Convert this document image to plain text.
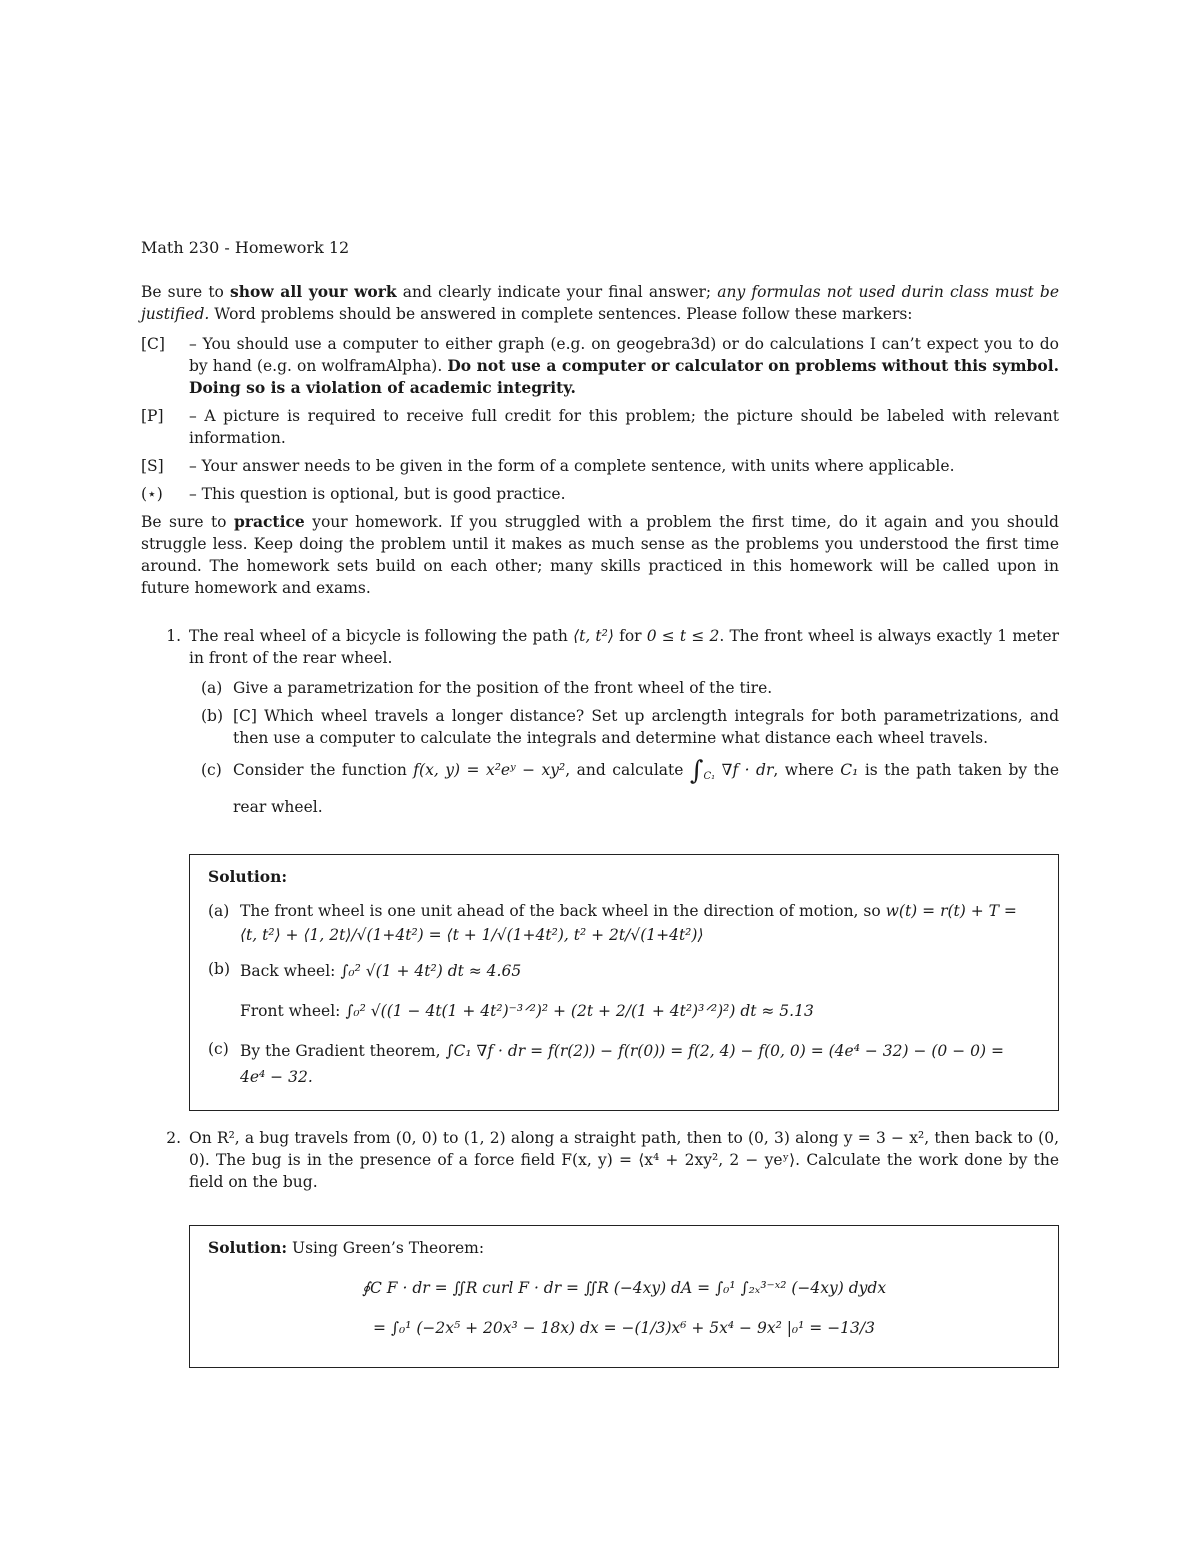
Math 230 - Homework 12

Be sure to show all your work and clearly indicate your final answer; any formulas not used durin class must be justified. Word problems should be answered in complete sentences. Please follow these markers:

[C]	– You should use a computer to either graph (e.g. on geogebra3d) or do calculations I can’t expect you to do by hand (e.g. on wolframAlpha). Do not use a computer or calculator on problems without this symbol. Doing so is a violation of academic integrity.
[P]	– A picture is required to receive full credit for this problem; the picture should be labeled with relevant information.
[S]	– Your answer needs to be given in the form of a complete sentence, with units where applicable.
(⋆)	– This question is optional, but is good practice.

Be sure to practice your homework. If you struggled with a problem the first time, do it again and you should struggle less. Keep doing the problem until it makes as much sense as the problems you understood the first time around. The homework sets build on each other; many skills practiced in this homework will be called upon in future homework and exams.

1. The real wheel of a bicycle is following the path ⟨t, t²⟩ for 0 ≤ t ≤ 2. The front wheel is always exactly 1 meter in front of the rear wheel.
(a) Give a parametrization for the position of the front wheel of the tire.
(b) [C] Which wheel travels a longer distance? Set up arclength integrals for both parametrizations, and then use a computer to calculate the integrals and determine what distance each wheel travels.
(c) Consider the function f(x, y) = x²eʸ − xy², and calculate $\int_{C_1}$ ∇f · dr, where C₁ is the path taken by the rear wheel.
Solution:
(a) The front wheel is one unit ahead of the back wheel in the direction of motion, so w(t) = r(t) + T =
⟨t, t²⟩ + ⟨1, 2t⟩/√(1+4t²) = ⟨t + 1/√(1+4t²), t² + 2t/√(1+4t²)⟩
(b) Back wheel: ∫₀² √(1 + 4t²) dt ≈ 4.65
Front wheel: ∫₀² √((1 − 4t(1 + 4t²)⁻³ᐟ²)² + (2t + 2/(1 + 4t²)³ᐟ²)²) dt ≈ 5.13
(c) By the Gradient theorem, ∫C₁ ∇f · dr = f(r(2)) − f(r(0)) = f(2, 4) − f(0, 0) = (4e⁴ − 32) − (0 − 0) =
4e⁴ − 32.
2. On R², a bug travels from (0, 0) to (1, 2) along a straight path, then to (0, 3) along y = 3 − x², then back to (0, 0). The bug is in the presence of a force field F(x, y) = ⟨x⁴ + 2xy², 2 − yeʸ⟩. Calculate the work done by the field on the bug.
Solution: Using Green’s Theorem:
∮C F · dr = ∬R curl F · dr = ∬R (−4xy) dA = ∫₀¹ ∫₂ₓ³⁻ˣ² (−4xy) dydx
= ∫₀¹ (−2x⁵ + 20x³ − 18x) dx = −(1/3)x⁶ + 5x⁴ − 9x² |₀¹ = −13/3
